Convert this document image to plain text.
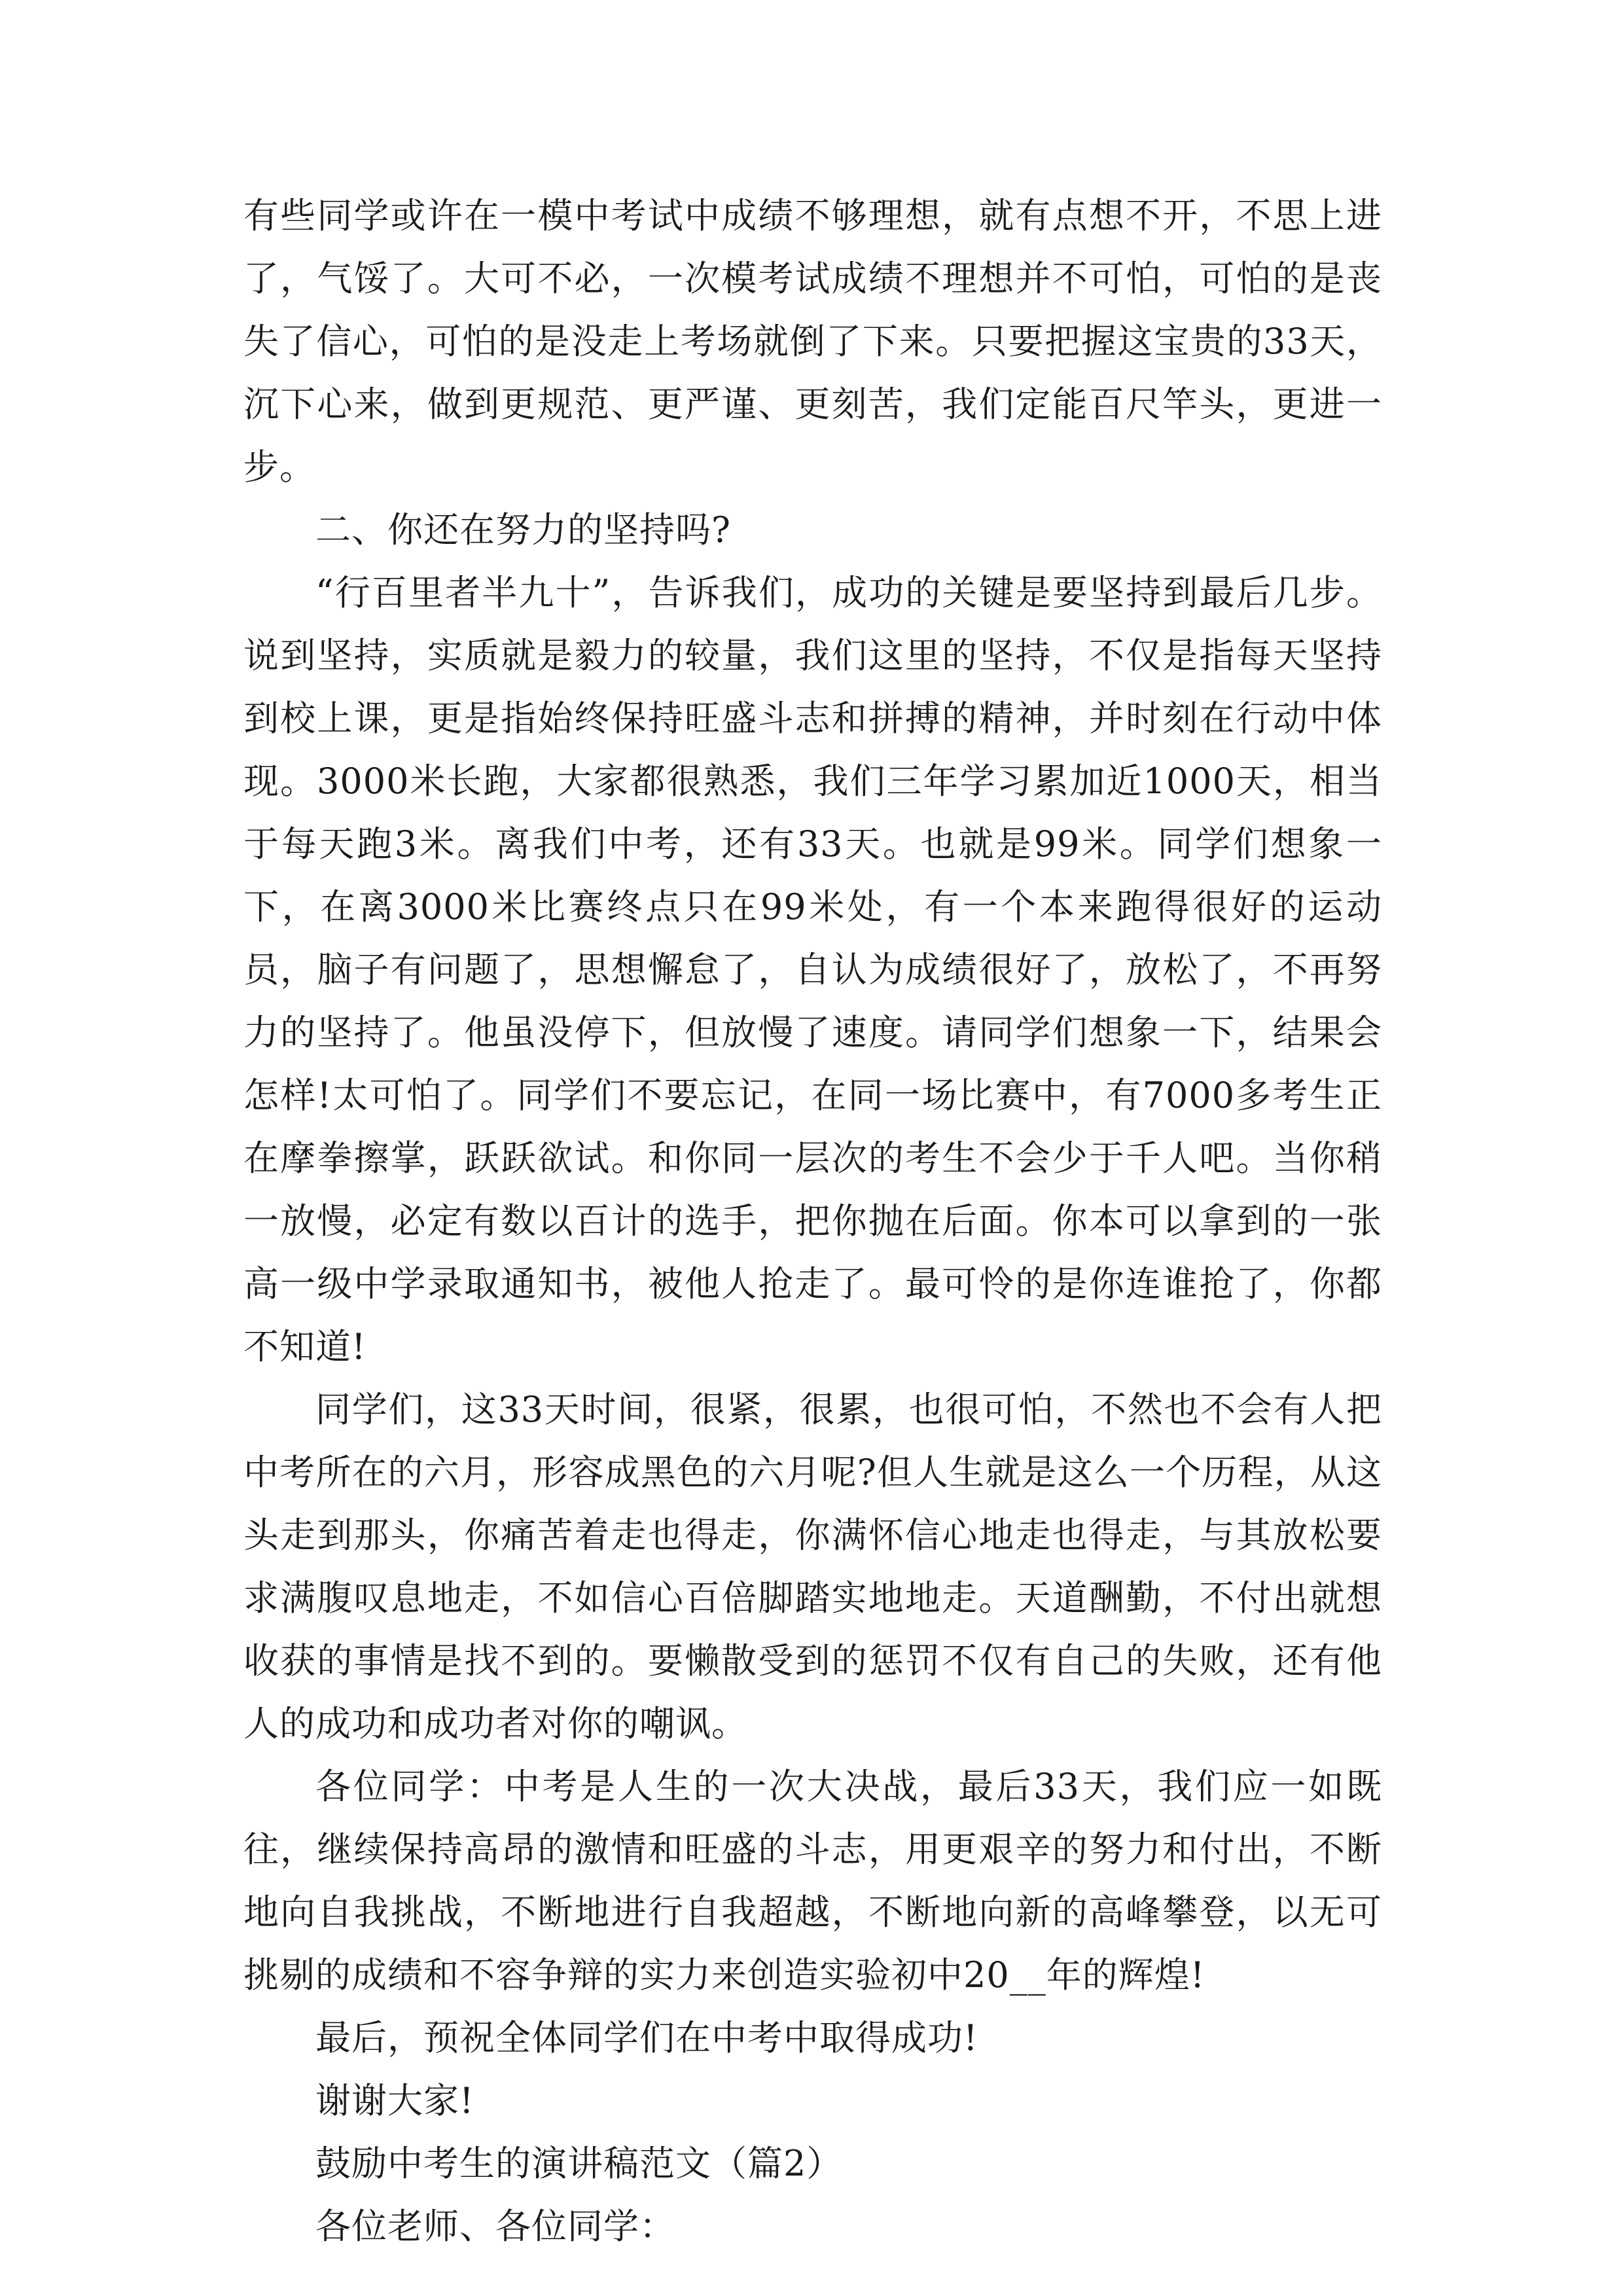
有些同学或许在一模中考试中成绩不够理想，就有点想不开，不思上进了，气馁了。大可不必，一次模考试成绩不理想并不可怕，可怕的是丧失了信心，可怕的是没走上考场就倒了下来。只要把握这宝贵的33天，沉下心来，做到更规范、更严谨、更刻苦，我们定能百尺竿头，更进一步。

二、你还在努力的坚持吗?

“行百里者半九十”，告诉我们，成功的关键是要坚持到最后几步。说到坚持，实质就是毅力的较量，我们这里的坚持，不仅是指每天坚持到校上课，更是指始终保持旺盛斗志和拼搏的精神，并时刻在行动中体现。3000米长跑，大家都很熟悉，我们三年学习累加近1000天，相当于每天跑3米。离我们中考，还有33天。也就是99米。同学们想象一下，在离3000米比赛终点只在99米处，有一个本来跑得很好的运动员，脑子有问题了，思想懈怠了，自认为成绩很好了，放松了，不再努力的坚持了。他虽没停下，但放慢了速度。请同学们想象一下，结果会怎样!太可怕了。同学们不要忘记，在同一场比赛中，有7000多考生正在摩拳擦掌，跃跃欲试。和你同一层次的考生不会少于千人吧。当你稍一放慢，必定有数以百计的选手，把你抛在后面。你本可以拿到的一张高一级中学录取通知书，被他人抢走了。最可怜的是你连谁抢了，你都不知道!

同学们，这33天时间，很紧，很累，也很可怕，不然也不会有人把中考所在的六月，形容成黑色的六月呢?但人生就是这么一个历程，从这头走到那头，你痛苦着走也得走，你满怀信心地走也得走，与其放松要求满腹叹息地走，不如信心百倍脚踏实地地走。天道酬勤，不付出就想收获的事情是找不到的。要懒散受到的惩罚不仅有自己的失败，还有他人的成功和成功者对你的嘲讽。

各位同学：中考是人生的一次大决战，最后33天，我们应一如既往，继续保持高昂的激情和旺盛的斗志，用更艰辛的努力和付出，不断地向自我挑战，不断地进行自我超越，不断地向新的高峰攀登，以无可挑剔的成绩和不容争辩的实力来创造实验初中20__年的辉煌!

最后，预祝全体同学们在中考中取得成功!

谢谢大家!

鼓励中考生的演讲稿范文（篇2）

各位老师、各位同学：
